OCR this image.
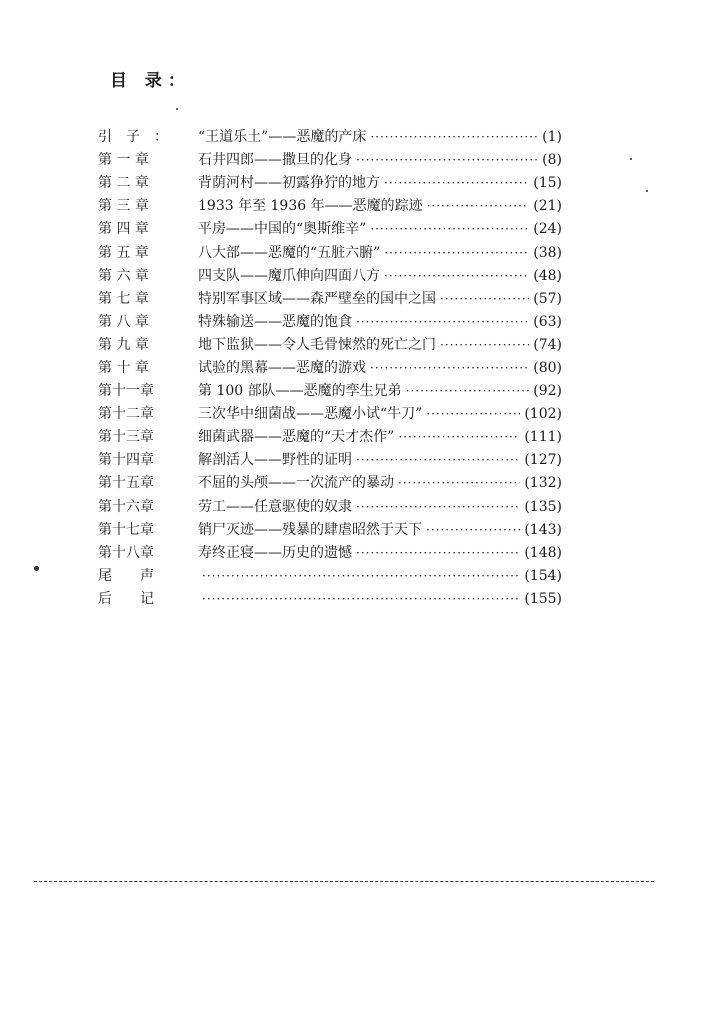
目 录：
引　子　：	“王道乐土”——恶魔的产床 ·····	(1)
第 一 章	石井四郎——撒旦的化身 ·····	(8)
第 二 章	背荫河村——初露狰狞的地方 ·····	(15)
第 三 章	1933 年至 1936 年——恶魔的踪迹 ·····	(21)
第 四 章	平房——中国的“奥斯维辛” ·····	(24)
第 五 章	八大部——恶魔的“五脏六腑” ·····	(38)
第 六 章	四支队——魔爪伸向四面八方 ·····	(48)
第 七 章	特别军事区域——森严壁垒的国中之国 ·····	(57)
第 八 章	特殊输送——恶魔的饱食 ·····	(63)
第 九 章	地下监狱——令人毛骨悚然的死亡之门 ·····	(74)
第 十 章	试验的黑幕——恶魔的游戏 ·····	(80)
第十一章	第 100 部队——恶魔的孪生兄弟 ·····	(92)
第十二章	三次华中细菌战——恶魔小试“牛刀” ·····	(102)
第十三章	细菌武器——恶魔的“天才杰作” ·····	(111)
第十四章	解剖活人——野性的证明 ·····	(127)
第十五章	不屈的头颅——一次流产的暴动 ·····	(132)
第十六章	劳工——任意驱使的奴隶 ·····	(135)
第十七章	销尸灭迹——残暴的肆虐昭然于天下 ·····	(143)
第十八章	寿终正寝——历史的遗憾 ·····	(148)
尾　　声 ·····	(154)
后　　记 ·····	(155)
